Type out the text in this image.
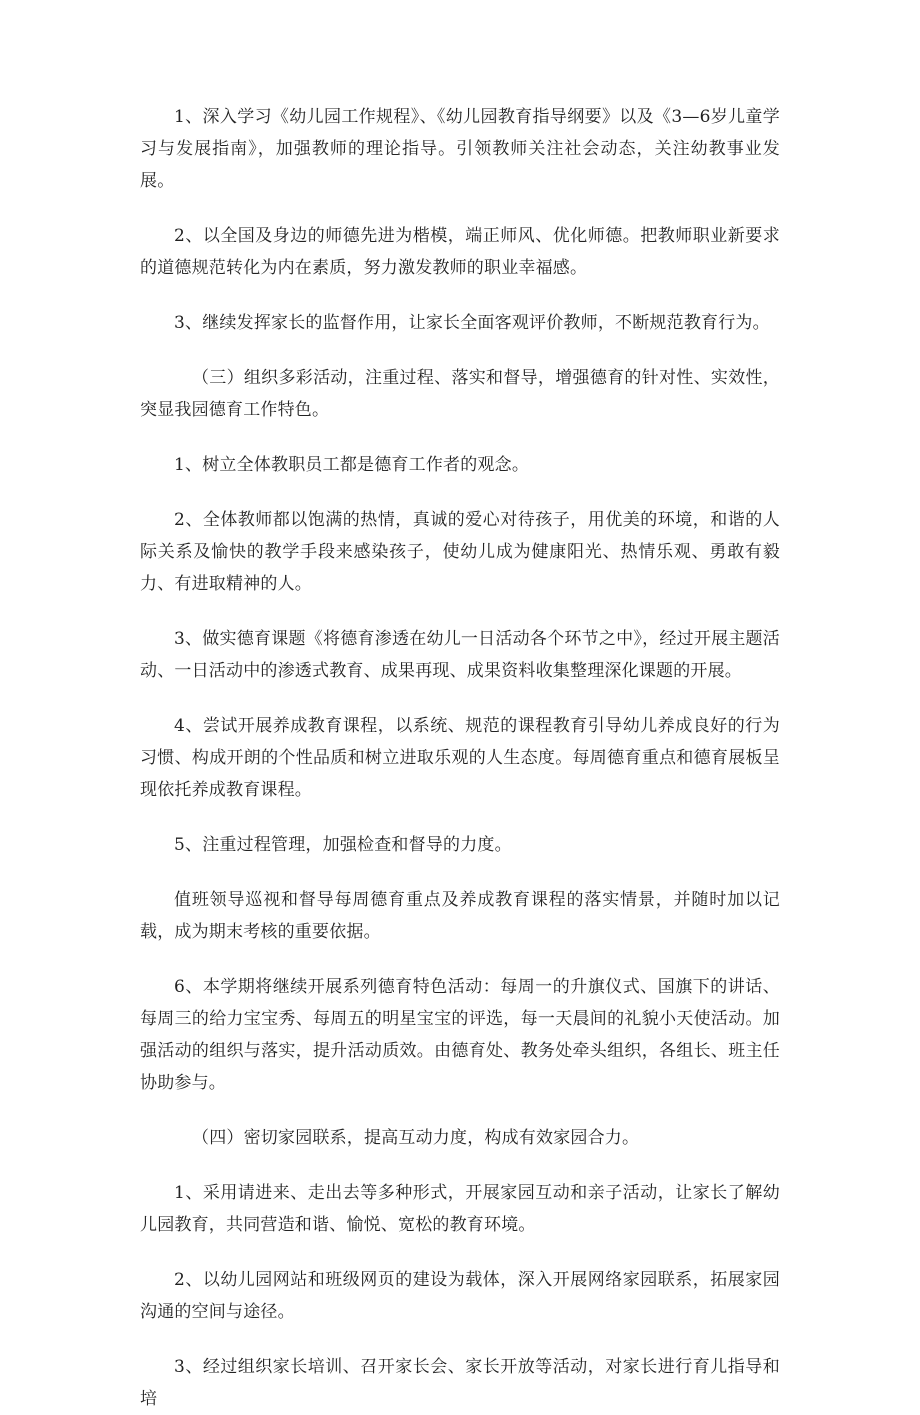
1、深入学习《幼儿园工作规程》、《幼儿园教育指导纲要》以及《3—6岁儿童学习与发展指南》，加强教师的理论指导。引领教师关注社会动态，关注幼教事业发展。

2、以全国及身边的师德先进为楷模，端正师风、优化师德。把教师职业新要求的道德规范转化为内在素质，努力激发教师的职业幸福感。

3、继续发挥家长的监督作用，让家长全面客观评价教师，不断规范教育行为。

（三）组织多彩活动，注重过程、落实和督导，增强德育的针对性、实效性，突显我园德育工作特色。

1、树立全体教职员工都是德育工作者的观念。

2、全体教师都以饱满的热情，真诚的爱心对待孩子，用优美的环境，和谐的人际关系及愉快的教学手段来感染孩子，使幼儿成为健康阳光、热情乐观、勇敢有毅力、有进取精神的人。

3、做实德育课题《将德育渗透在幼儿一日活动各个环节之中》，经过开展主题活动、一日活动中的渗透式教育、成果再现、成果资料收集整理深化课题的开展。

4、尝试开展养成教育课程，以系统、规范的课程教育引导幼儿养成良好的行为习惯、构成开朗的个性品质和树立进取乐观的人生态度。每周德育重点和德育展板呈现依托养成教育课程。

5、注重过程管理，加强检查和督导的力度。

值班领导巡视和督导每周德育重点及养成教育课程的落实情景，并随时加以记载，成为期末考核的重要依据。

6、本学期将继续开展系列德育特色活动：每周一的升旗仪式、国旗下的讲话、每周三的给力宝宝秀、每周五的明星宝宝的评选，每一天晨间的礼貌小天使活动。加强活动的组织与落实，提升活动质效。由德育处、教务处牵头组织，各组长、班主任协助参与。

（四）密切家园联系，提高互动力度，构成有效家园合力。

1、采用请进来、走出去等多种形式，开展家园互动和亲子活动，让家长了解幼儿园教育，共同营造和谐、愉悦、宽松的教育环境。

2、以幼儿园网站和班级网页的建设为载体，深入开展网络家园联系，拓展家园沟通的空间与途径。

3、经过组织家长培训、召开家长会、家长开放等活动，对家长进行育儿指导和培
